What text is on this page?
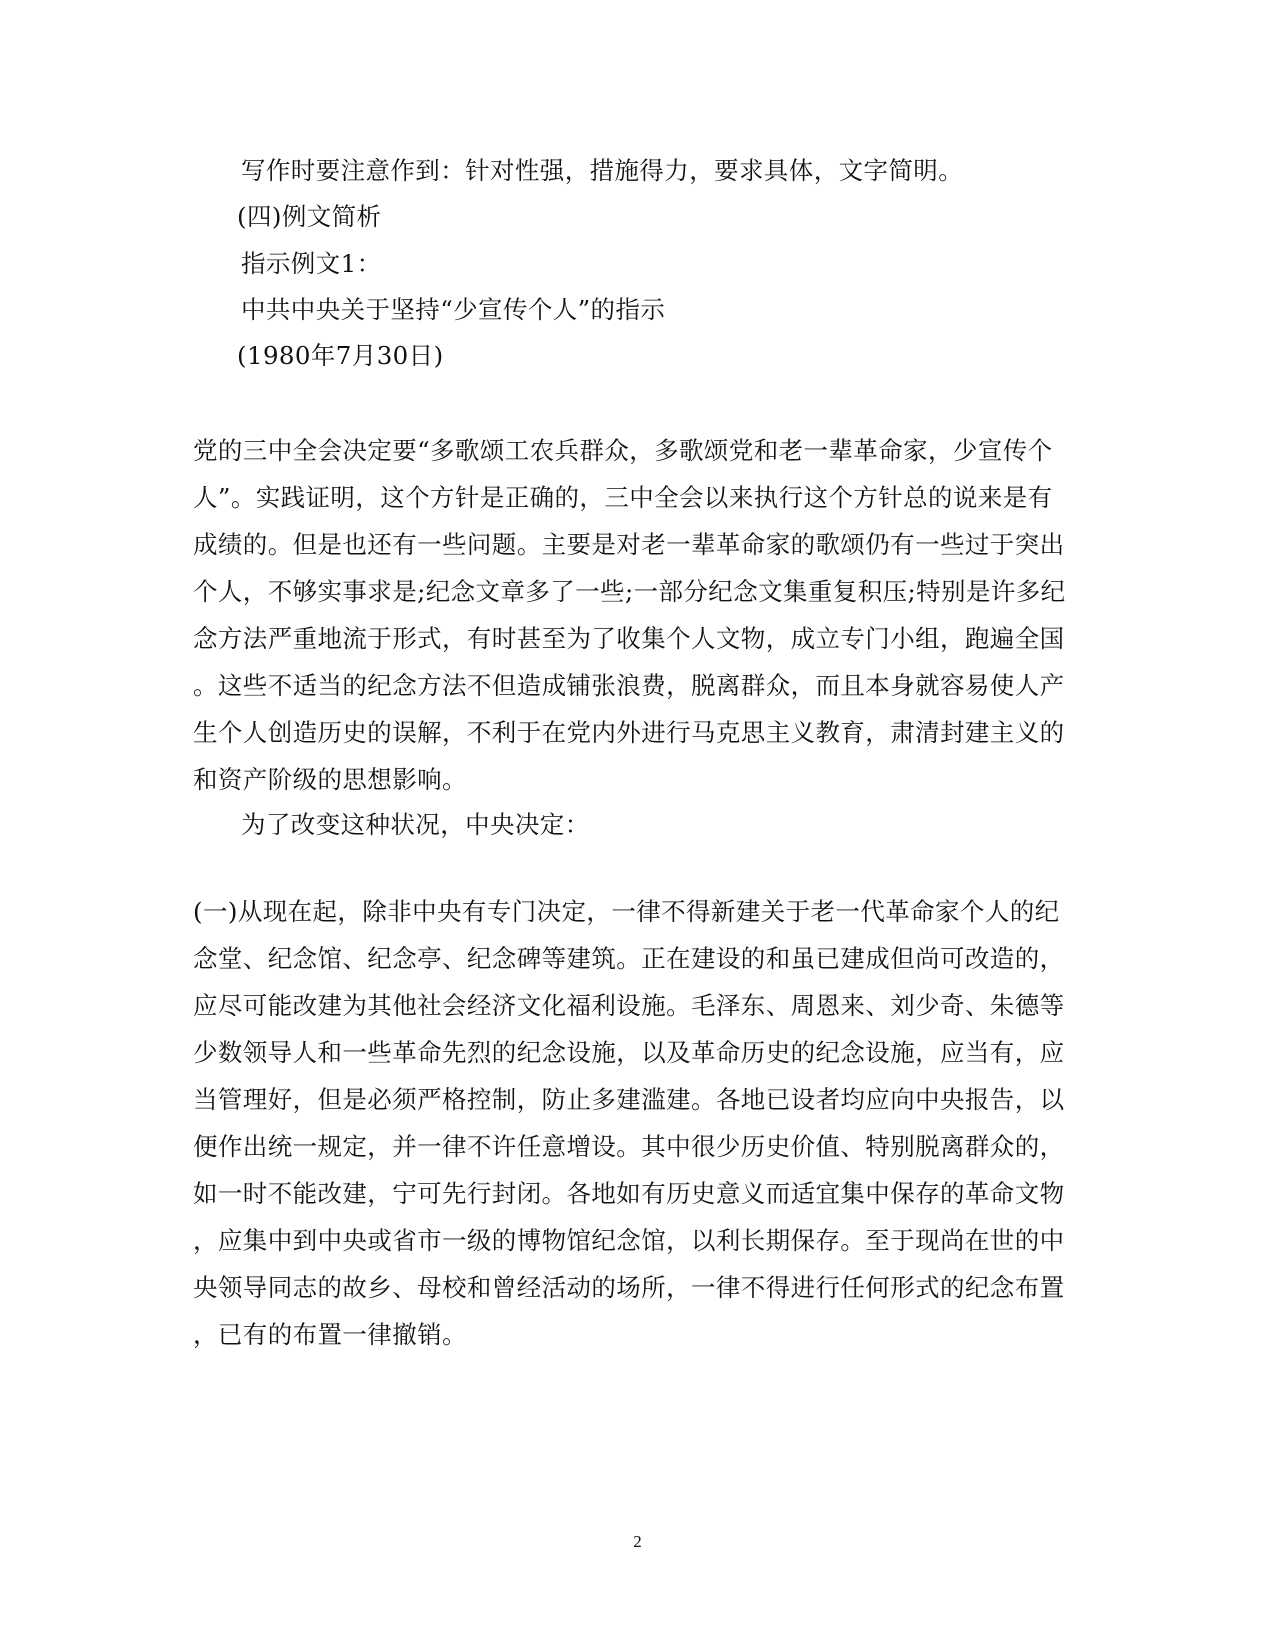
写作时要注意作到：针对性强，措施得力，要求具体，文字简明。
(四)例文简析
指示例文1：
中共中央关于坚持“少宣传个人”的指示
(1980年7月30日)
党的三中全会决定要“多歌颂工农兵群众，多歌颂党和老一辈革命家，少宣传个
人”。实践证明，这个方针是正确的，三中全会以来执行这个方针总的说来是有
成绩的。但是也还有一些问题。主要是对老一辈革命家的歌颂仍有一些过于突出
个人，不够实事求是;纪念文章多了一些;一部分纪念文集重复积压;特别是许多纪
念方法严重地流于形式，有时甚至为了收集个人文物，成立专门小组，跑遍全国
。这些不适当的纪念方法不但造成铺张浪费，脱离群众，而且本身就容易使人产
生个人创造历史的误解，不利于在党内外进行马克思主义教育，肃清封建主义的
和资产阶级的思想影响。
为了改变这种状况，中央决定：
(一)从现在起，除非中央有专门决定，一律不得新建关于老一代革命家个人的纪
念堂、纪念馆、纪念亭、纪念碑等建筑。正在建设的和虽已建成但尚可改造的，
应尽可能改建为其他社会经济文化福利设施。毛泽东、周恩来、刘少奇、朱德等
少数领导人和一些革命先烈的纪念设施，以及革命历史的纪念设施，应当有，应
当管理好，但是必须严格控制，防止多建滥建。各地已设者均应向中央报告，以
便作出统一规定，并一律不许任意增设。其中很少历史价值、特别脱离群众的，
如一时不能改建，宁可先行封闭。各地如有历史意义而适宜集中保存的革命文物
，应集中到中央或省市一级的博物馆纪念馆，以利长期保存。至于现尚在世的中
央领导同志的故乡、母校和曾经活动的场所，一律不得进行任何形式的纪念布置
，已有的布置一律撤销。
2
